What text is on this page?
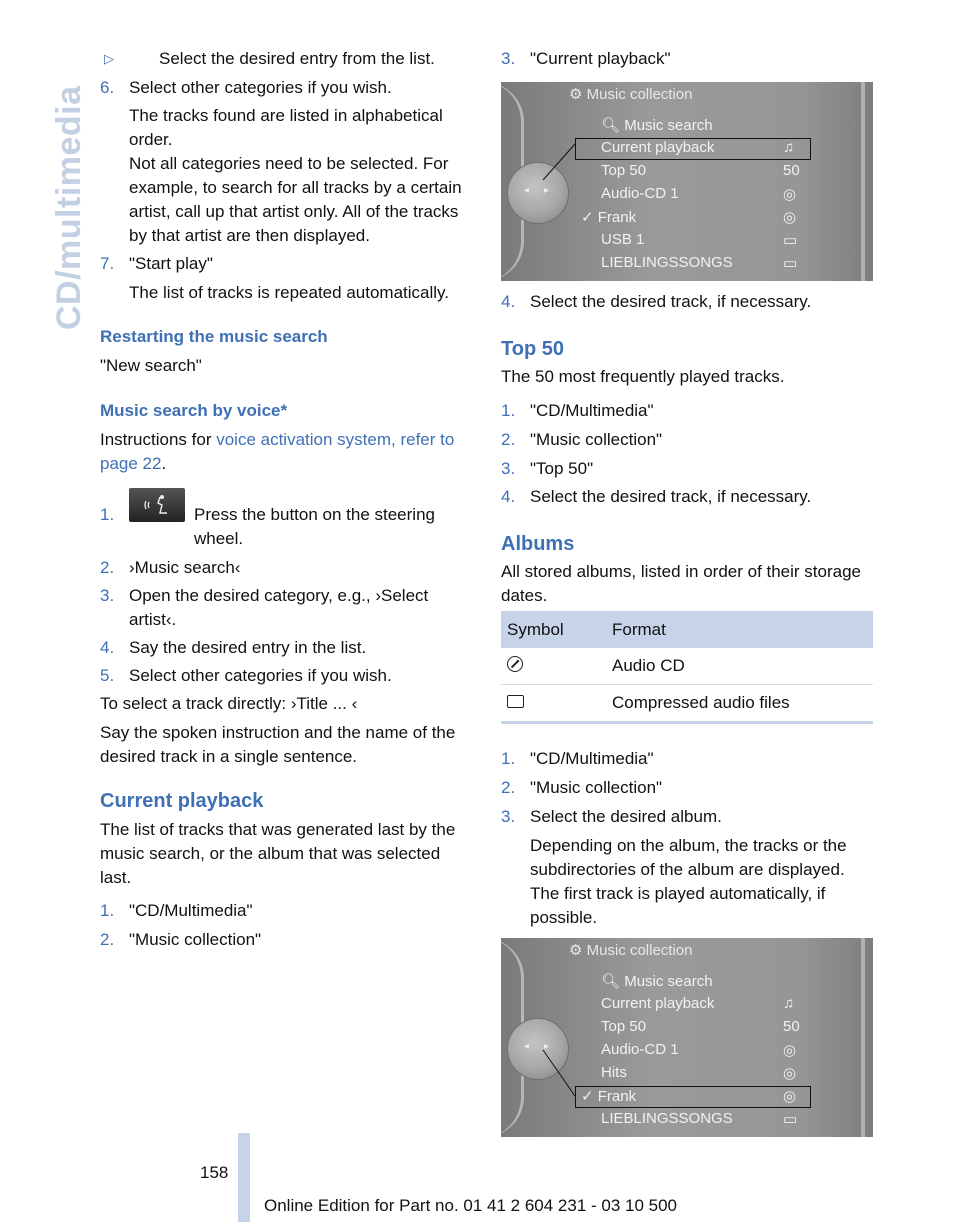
CD/multimedia
▷	Select the desired entry from the list.
6. Select other categories if you wish.
The tracks found are listed in alphabetical order.
Not all categories need to be selected. For example, to search for all tracks by a certain artist, call up that artist only. All of the tracks by that artist are then displayed.
7. "Start play"
The list of tracks is repeated automatically.
Restarting the music search
"New search"
Music search by voice*
Instructions for voice activation system, refer to page 22.
1.	Press the button on the steering wheel.
2. ›Music search‹
3. Open the desired category, e.g., ›Select artist‹.
4. Say the desired entry in the list.
5. Select other categories if you wish.
To select a track directly: ›Title ... ‹
Say the spoken instruction and the name of the desired track in a single sentence.
Current playback
The list of tracks that was generated last by the music search, or the album that was selected last.
1. "CD/Multimedia"
2. "Music collection"
3. "Current playback"
⚙ Music collection
◂ ▸
🔍︎ Music search
Current playback	♫
Top 50	50
Audio-CD 1	◎
✓ Frank	◎
USB 1	▭
LIEBLINGSSONGS	▭
4. Select the desired track, if necessary.
Top 50
The 50 most frequently played tracks.
1. "CD/Multimedia"
2. "Music collection"
3. "Top 50"
4. Select the desired track, if necessary.
Albums
All stored albums, listed in order of their storage dates.
Symbol	Format
	Audio CD
	Compressed audio files
1. "CD/Multimedia"
2. "Music collection"
3. Select the desired album.
Depending on the album, the tracks or the subdirectories of the album are displayed. The first track is played automatically, if possible.
⚙ Music collection
◂ ▸
🔍︎ Music search
Current playback	♫
Top 50	50
Audio-CD 1	◎
Hits	◎
✓ Frank	◎
LIEBLINGSSONGS	▭
158
Online Edition for Part no. 01 41 2 604 231 - 03 10 500
